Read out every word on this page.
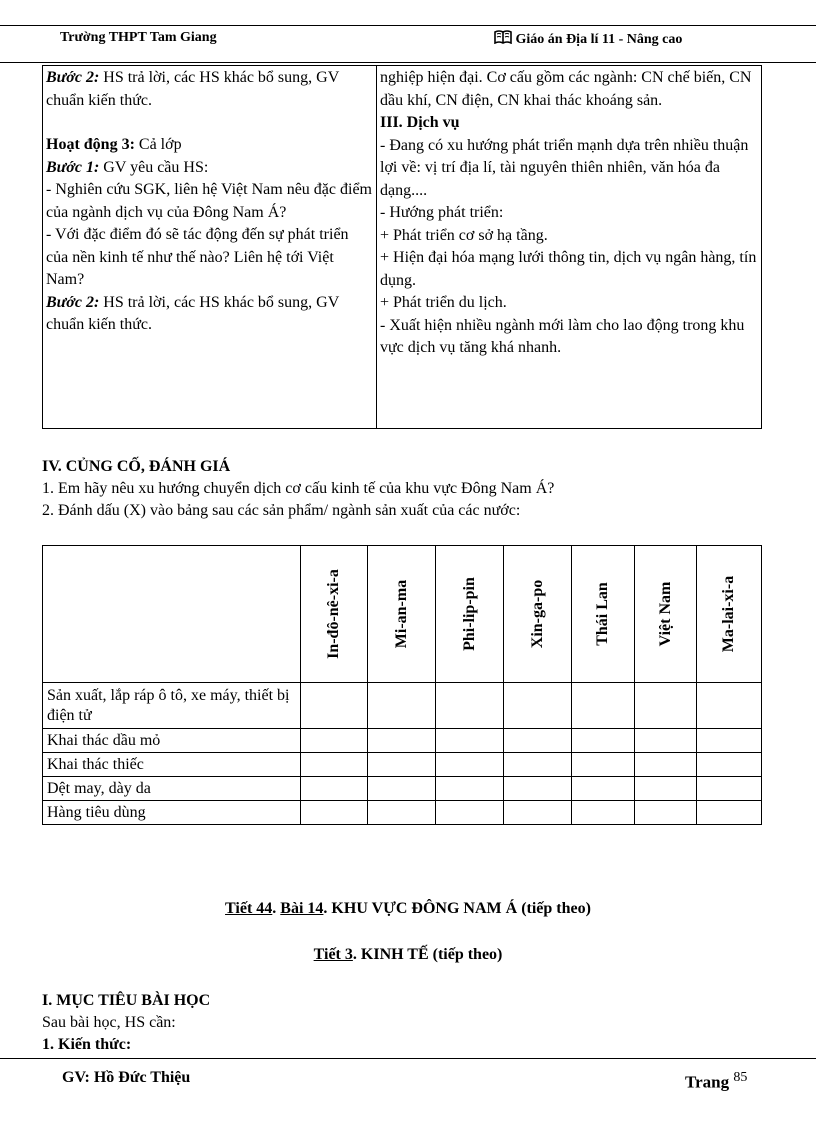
Trường THPT Tam Giang	Giáo án Địa lí 11 - Nâng cao

Bước 2: HS trả lời, các HS khác bổ sung, GV chuẩn kiến thức.

Hoạt động 3: Cả lớp

Bước 1: GV yêu cầu HS:

- Nghiên cứu SGK, liên hệ Việt Nam nêu đặc điểm của ngành dịch vụ của Đông Nam Á?

- Với đặc điểm đó sẽ tác động đến sự phát triển của nền kinh tế như thế nào? Liên hệ tới Việt Nam?

Bước 2: HS trả lời, các HS khác bổ sung, GV chuẩn kiến thức.

nghiệp hiện đại. Cơ cấu gồm các ngành: CN chế biến, CN dầu khí, CN điện, CN khai thác khoáng sản.

III. Dịch vụ

- Đang có xu hướng phát triển mạnh dựa trên nhiều thuận lợi về: vị trí địa lí, tài nguyên thiên nhiên, văn hóa đa dạng....

- Hướng phát triển:

+ Phát triển cơ sở hạ tầng.

+ Hiện đại hóa mạng lưới thông tin, dịch vụ ngân hàng, tín dụng.

+ Phát triển du lịch.

- Xuất hiện nhiều ngành mới làm cho lao động trong khu vực dịch vụ tăng khá nhanh.

IV. CỦNG CỐ, ĐÁNH GIÁ
1. Em hãy nêu xu hướng chuyển dịch cơ cấu kinh tế của khu vực Đông Nam Á?
2. Đánh dấu (X) vào bảng sau các sản phẩm/ ngành sản xuất của các nước:

	In-đô-nê-xi-a	Mi-an-ma	Phi-lip-pin	Xin-ga-po	Thái Lan	Việt Nam	Ma-lai-xi-a

Sản xuất, lắp ráp ô tô, xe máy, thiết bị điện tử							
Khai thác dầu mỏ							
Khai thác thiếc							
Dệt may, dày da							
Hàng tiêu dùng							
Tiết 44. Bài 14. KHU VỰC ĐÔNG NAM Á (tiếp theo)
Tiết 3. KINH TẾ (tiếp theo)
I. MỤC TIÊU BÀI HỌC
Sau bài học, HS cần:
1. Kiến thức:
GV: Hồ Đức Thiệu	Trang $^{85}$
